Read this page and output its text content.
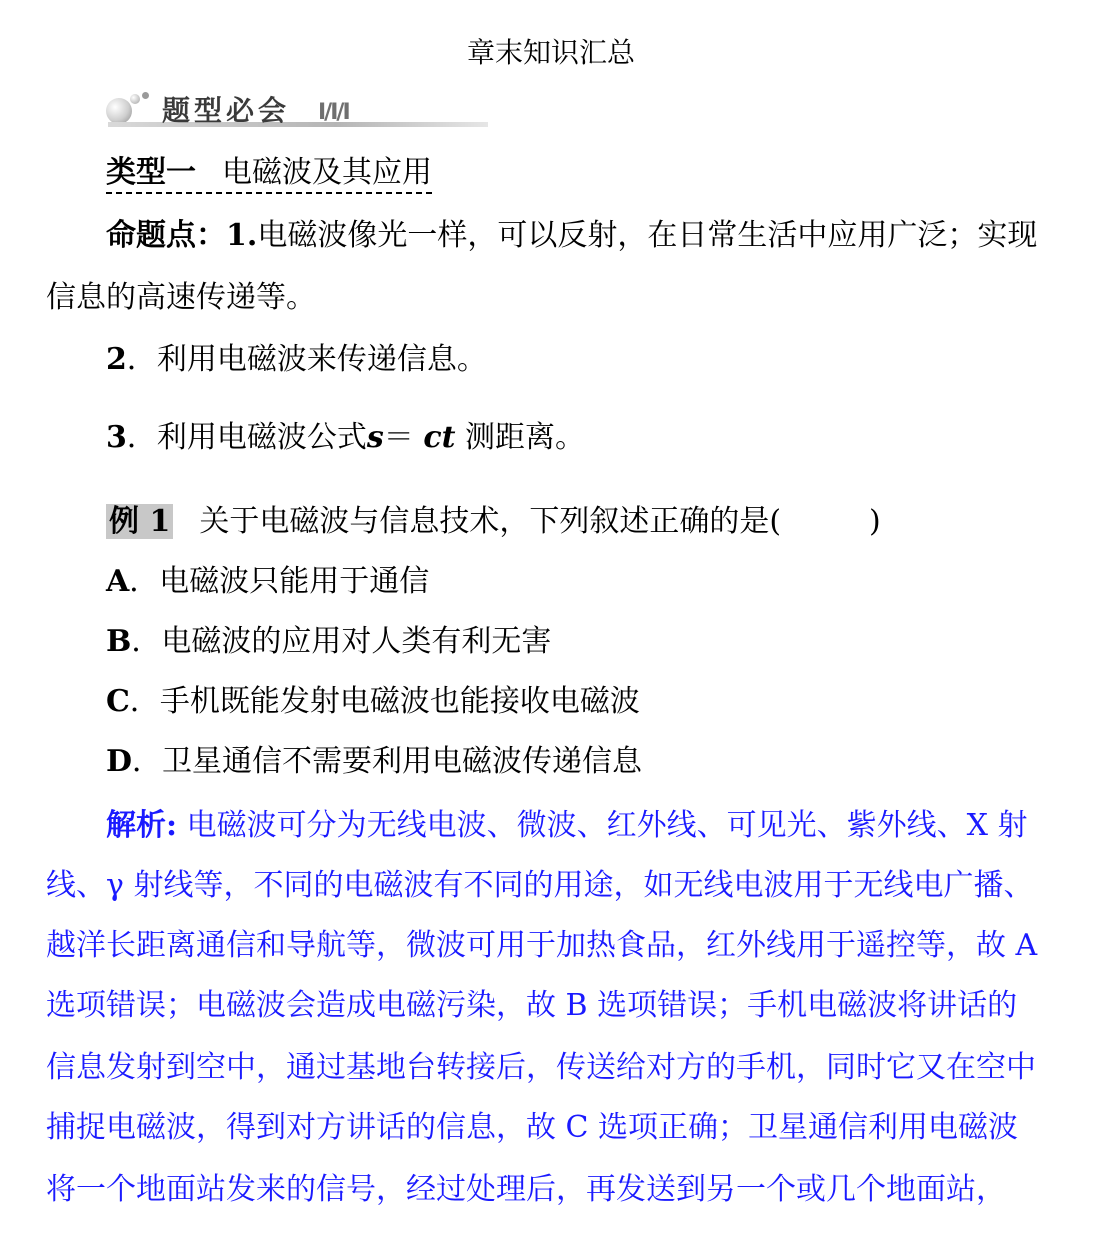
章末知识汇总
题型必会 I/I/I
类型一 电磁波及其应用
命题点：1.电磁波像光一样，可以反射，在日常生活中应用广泛；实现
信息的高速传递等。
2．利用电磁波来传递信息。
3．利用电磁波公式s＝ ct 测距离。
例 1 关于电磁波与信息技术，下列叙述正确的是(	)
A．电磁波只能用于通信
B．电磁波的应用对人类有利无害
C．手机既能发射电磁波也能接收电磁波
D．卫星通信不需要利用电磁波传递信息
解析: 电磁波可分为无线电波、微波、红外线、可见光、紫外线、X 射
线、γ 射线等，不同的电磁波有不同的用途，如无线电波用于无线电广播、
越洋长距离通信和导航等，微波可用于加热食品，红外线用于遥控等，故 A
选项错误；电磁波会造成电磁污染，故 B 选项错误；手机电磁波将讲话的
信息发射到空中，通过基地台转接后，传送给对方的手机，同时它又在空中
捕捉电磁波，得到对方讲话的信息，故 C 选项正确；卫星通信利用电磁波
将一个地面站发来的信号，经过处理后，再发送到另一个或几个地面站，
